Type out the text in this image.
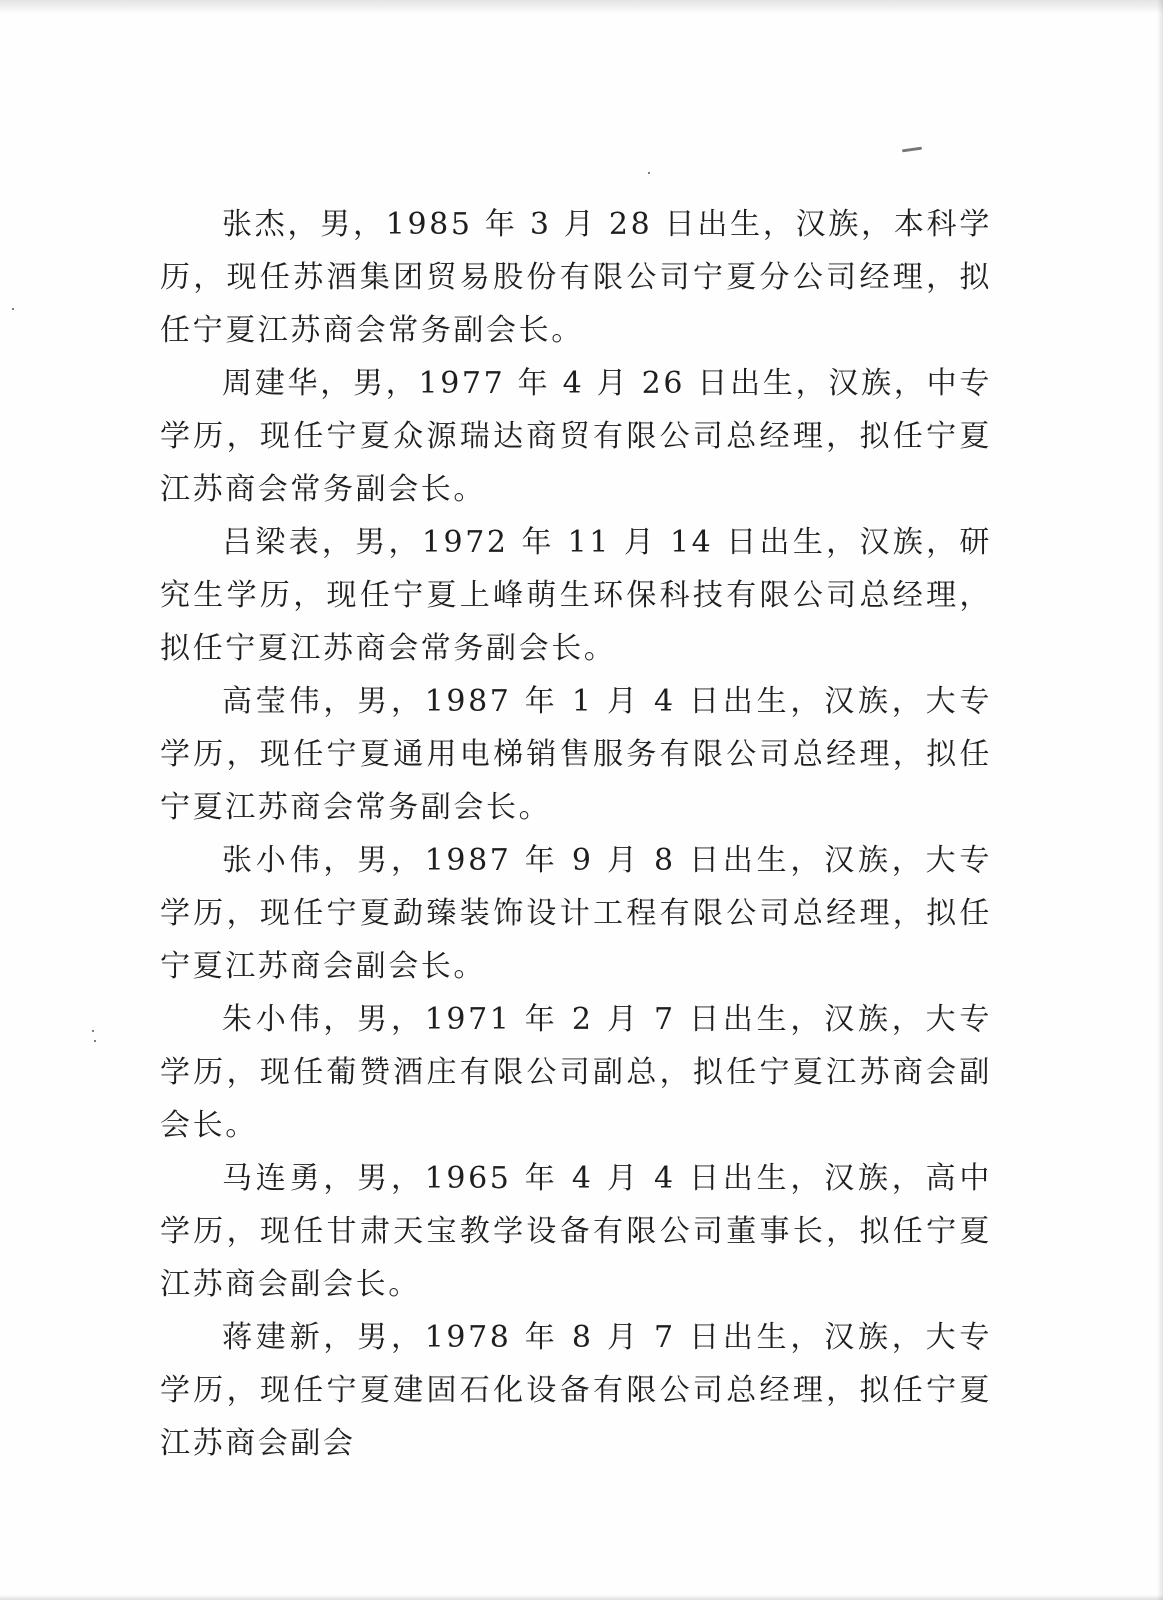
张杰，男，1985 年 3 月 28 日出生，汉族，本科学历，现任苏酒集团贸易股份有限公司宁夏分公司经理，拟任宁夏江苏商会常务副会长。

周建华，男，1977 年 4 月 26 日出生，汉族，中专学历，现任宁夏众源瑞达商贸有限公司总经理，拟任宁夏江苏商会常务副会长。

吕梁表，男，1972 年 11 月 14 日出生，汉族，研究生学历，现任宁夏上峰萌生环保科技有限公司总经理，拟任宁夏江苏商会常务副会长。

高莹伟，男，1987 年 1 月 4 日出生，汉族，大专学历，现任宁夏通用电梯销售服务有限公司总经理，拟任宁夏江苏商会常务副会长。

张小伟，男，1987 年 9 月 8 日出生，汉族，大专学历，现任宁夏勐臻装饰设计工程有限公司总经理，拟任宁夏江苏商会副会长。

朱小伟，男，1971 年 2 月 7 日出生，汉族，大专学历，现任葡赞酒庄有限公司副总，拟任宁夏江苏商会副会长。

马连勇，男，1965 年 4 月 4 日出生，汉族，高中学历，现任甘肃天宝教学设备有限公司董事长，拟任宁夏江苏商会副会长。

蒋建新，男，1978 年 8 月 7 日出生，汉族，大专学历，现任宁夏建固石化设备有限公司总经理，拟任宁夏江苏商会副会
